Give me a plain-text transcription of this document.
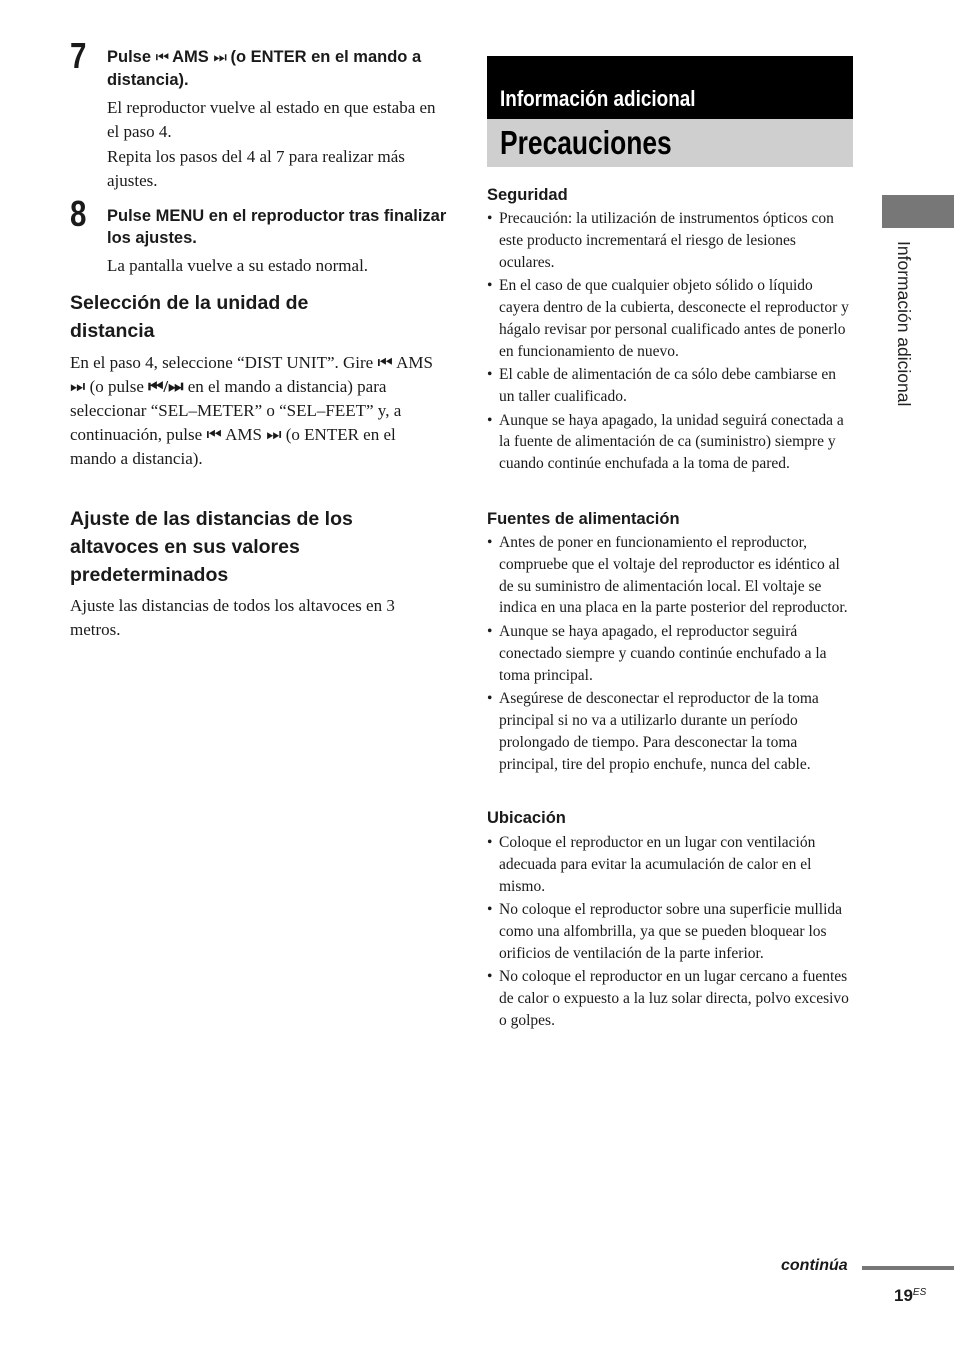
7 Pulse ⏮ AMS ⏭ (o ENTER en el mando a distancia).
El reproductor vuelve al estado en que estaba en el paso 4.
Repita los pasos del 4 al 7 para realizar más ajustes.
8 Pulse MENU en el reproductor tras finalizar los ajustes.
La pantalla vuelve a su estado normal.
Selección de la unidad de distancia
En el paso 4, seleccione “DIST UNIT”. Gire ⏮ AMS ⏭ (o pulse ⏮/⏭ en el mando a distancia) para seleccionar “SEL–METER” o “SEL–FEET” y, a continuación, pulse ⏮ AMS ⏭ (o ENTER en el mando a distancia).
Ajuste de las distancias de los altavoces en sus valores predeterminados
Ajuste las distancias de todos los altavoces en 3 metros.
Información adicional
Precauciones
Seguridad
• Precaución: la utilización de instrumentos ópticos con este producto incrementará el riesgo de lesiones oculares.
• En el caso de que cualquier objeto sólido o líquido cayera dentro de la cubierta, desconecte el reproductor y hágalo revisar por personal cualificado antes de ponerlo en funcionamiento de nuevo.
• El cable de alimentación de ca sólo debe cambiarse en un taller cualificado.
• Aunque se haya apagado, la unidad seguirá conectada a la fuente de alimentación de ca (suministro) siempre y cuando continúe enchufada a la toma de pared.
Fuentes de alimentación
• Antes de poner en funcionamiento el reproductor, compruebe que el voltaje del reproductor es idéntico al de su suministro de alimentación local. El voltaje se indica en una placa en la parte posterior del reproductor.
• Aunque se haya apagado, el reproductor seguirá conectado siempre y cuando continúe enchufado a la toma principal.
• Asegúrese de desconectar el reproductor de la toma principal si no va a utilizarlo durante un período prolongado de tiempo. Para desconectar la toma principal, tire del propio enchufe, nunca del cable.
Ubicación
• Coloque el reproductor en un lugar con ventilación adecuada para evitar la acumulación de calor en el mismo.
• No coloque el reproductor sobre una superficie mullida como una alfombrilla, ya que se pueden bloquear los orificios de ventilación de la parte inferior.
• No coloque el reproductor en un lugar cercano a fuentes de calor o expuesto a la luz solar directa, polvo excesivo o golpes.
Información adicional
continúa
$19^{ES}$
